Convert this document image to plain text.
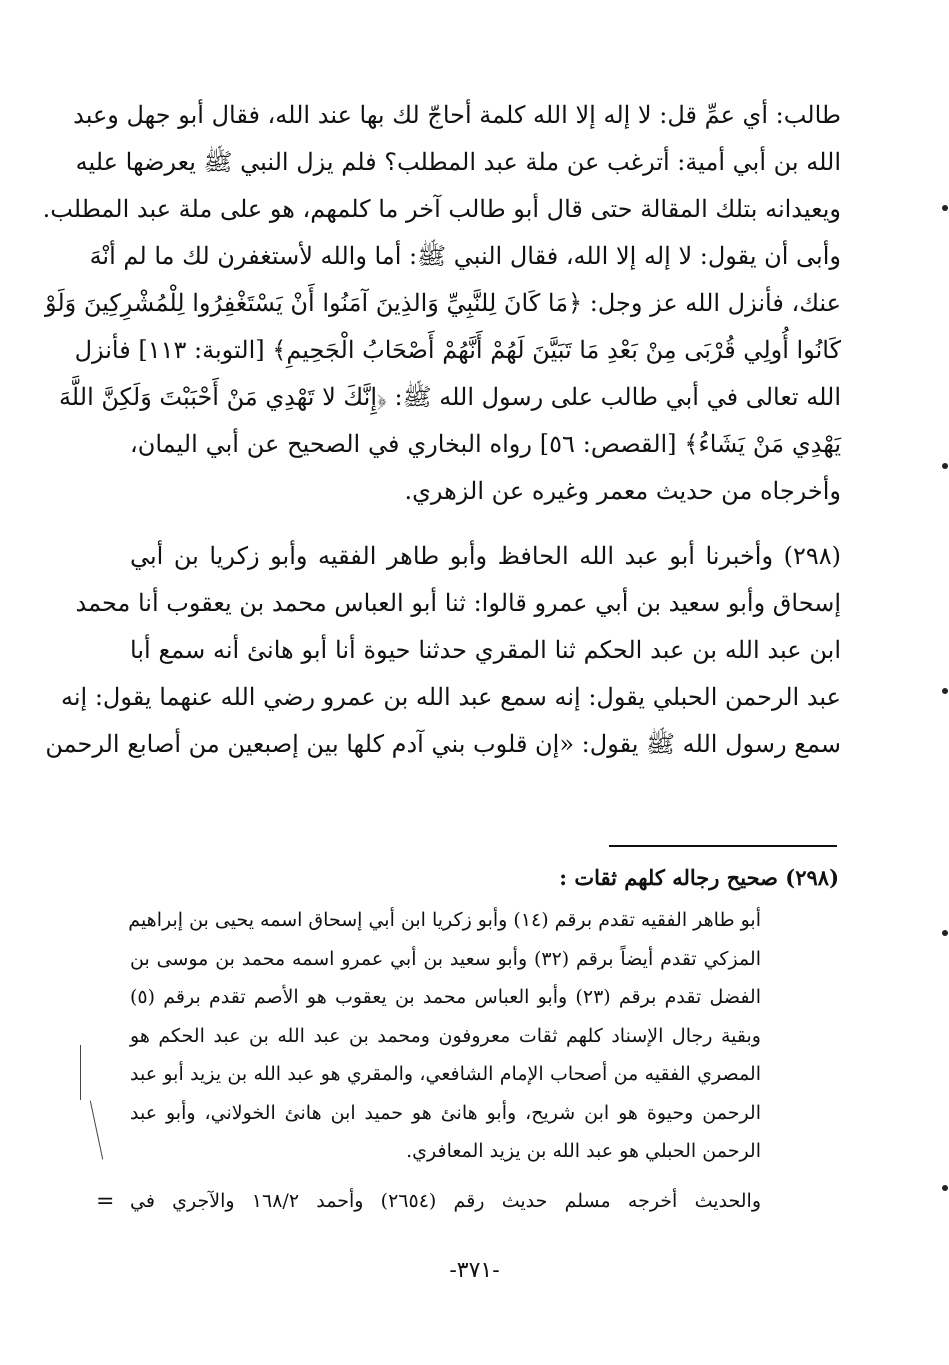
طالب: أي عمِّ قل: لا إله إلا الله كلمة أحاجّ لك بها عند الله، فقال أبو جهل وعبد
الله بن أبي أمية: أترغب عن ملة عبد المطلب؟ فلم يزل النبي ﷺ يعرضها عليه
ويعيدانه بتلك المقالة حتى قال أبو طالب آخر ما كلمهم، هو على ملة عبد المطلب.
وأبى أن يقول: لا إله إلا الله، فقال النبي ﷺ: أما والله لأستغفرن لك ما لم أنْهَ
عنك، فأنزل الله عز وجل: ﴿مَا كَانَ لِلنَّبِيِّ وَالذِينَ آمَنُوا أَنْ يَسْتَغْفِرُوا لِلْمُشْرِكِينَ وَلَوْ
كَانُوا أُولِي قُرْبَى مِنْ بَعْدِ مَا تَبَيَّنَ لَهُمْ أَنَّهُمْ أَصْحَابُ الْجَحِيمِ﴾ [التوبة: ١١٣] فأنزل
الله تعالى في أبي طالب على رسول الله ﷺ: ﴿إِنَّكَ لا تَهْدِي مَنْ أَحْبَبْتَ وَلَكِنَّ اللَّهَ
يَهْدِي مَنْ يَشَاءُ﴾ [القصص: ٥٦] رواه البخاري في الصحيح عن أبي اليمان،
وأخرجاه من حديث معمر وغيره عن الزهري.
(٢٩٨) وأخبرنا أبو عبد الله الحافظ وأبو طاهر الفقيه وأبو زكريا بن أبي
إسحاق وأبو سعيد بن أبي عمرو قالوا: ثنا أبو العباس محمد بن يعقوب أنا محمد
ابن عبد الله بن عبد الحكم ثنا المقري حدثنا حيوة أنا أبو هانئ أنه سمع أبا
عبد الرحمن الحبلي يقول: إنه سمع عبد الله بن عمرو رضي الله عنهما يقول: إنه
سمع رسول الله ﷺ يقول: «إن قلوب بني آدم كلها بين إصبعين من أصابع الرحمن
(٢٩٨) صحيح رجاله كلهم ثقات :
أبو طاهر الفقيه تقدم برقم (١٤) وأبو زكريا ابن أبي إسحاق اسمه يحيى بن إبراهيم
المزكي تقدم أيضاً برقم (٣٢) وأبو سعيد بن أبي عمرو اسمه محمد بن موسى بن
الفضل تقدم برقم (٢٣) وأبو العباس محمد بن يعقوب هو الأصم تقدم برقم (٥)
وبقية رجال الإسناد كلهم ثقات معروفون ومحمد بن عبد الله بن عبد الحكم هو
المصري الفقيه من أصحاب الإمام الشافعي، والمقري هو عبد الله بن يزيد أبو عبد
الرحمن وحيوة هو ابن شريح، وأبو هانئ هو حميد ابن هانئ الخولاني، وأبو عبد
الرحمن الحبلي هو عبد الله بن يزيد المعافري.
والحديث أخرجه مسلم حديث رقم (٢٦٥٤) وأحمد ١٦٨/٢ والآجري في
=
-٣٧١-
